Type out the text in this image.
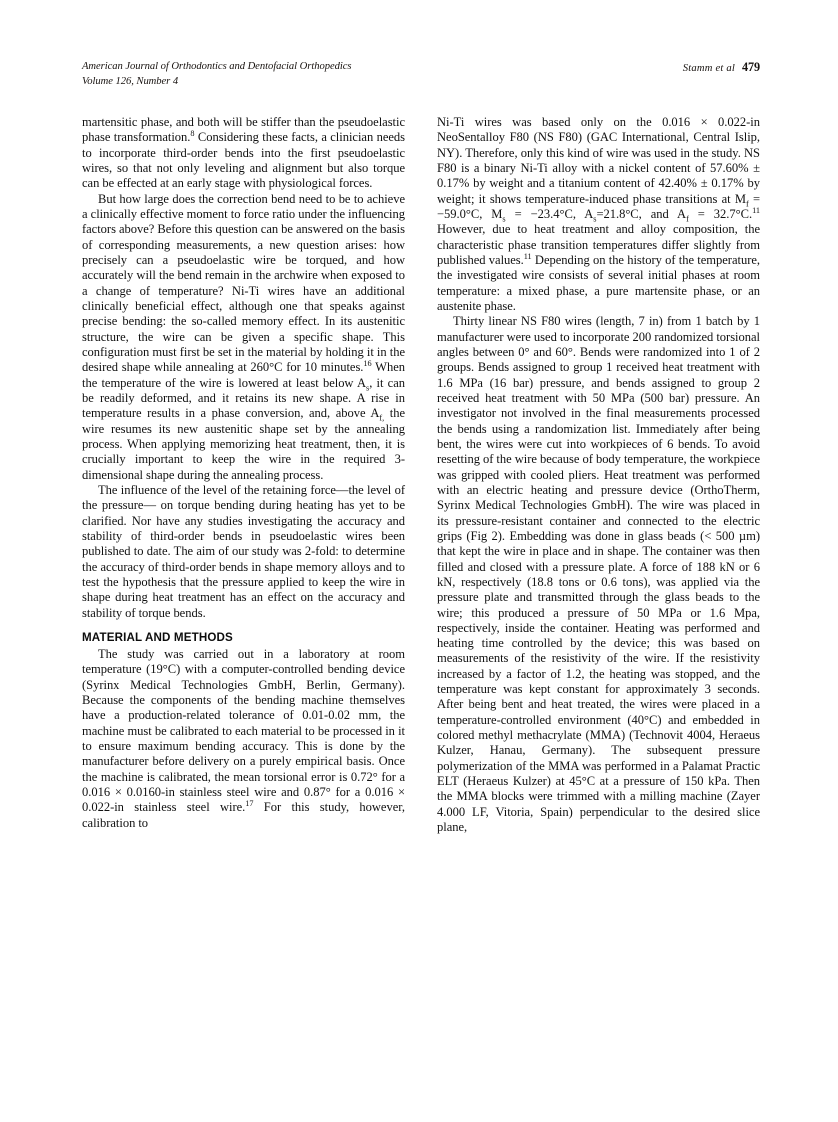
American Journal of Orthodontics and Dentofacial Orthopedics
Volume 126, Number 4
Stamm et al 479

martensitic phase, and both will be stiffer than the pseudoelastic phase transformation.$^8$ Considering these facts, a clinician needs to incorporate third-order bends into the first pseudoelastic wires, so that not only leveling and alignment but also torque can be effected at an early stage with physiological forces.

But how large does the correction bend need to be to achieve a clinically effective moment to force ratio under the influencing factors above? Before this question can be answered on the basis of corresponding measurements, a new question arises: how precisely can a pseudoelastic wire be torqued, and how accurately will the bend remain in the archwire when exposed to a change of temperature? Ni-Ti wires have an additional clinically beneficial effect, although one that speaks against precise bending: the so-called memory effect. In its austenitic structure, the wire can be given a specific shape. This configuration must first be set in the material by holding it in the desired shape while annealing at 260°C for 10 minutes.$^{16}$ When the temperature of the wire is lowered at least below $A_s$, it can be readily deformed, and it retains its new shape. A rise in temperature results in a phase conversion, and, above $A_{f,}$ the wire resumes its new austenitic shape set by the annealing process. When applying memorizing heat treatment, then, it is crucially important to keep the wire in the required 3-dimensional shape during the annealing process.

The influence of the level of the retaining force—the level of the pressure— on torque bending during heating has yet to be clarified. Nor have any studies investigating the accuracy and stability of third-order bends in pseudoelastic wires been published to date. The aim of our study was 2-fold: to determine the accuracy of third-order bends in shape memory alloys and to test the hypothesis that the pressure applied to keep the wire in shape during heat treatment has an effect on the accuracy and stability of torque bends.

MATERIAL AND METHODS

The study was carried out in a laboratory at room temperature (19°C) with a computer-controlled bending device (Syrinx Medical Technologies GmbH, Berlin, Germany). Because the components of the bending machine themselves have a production-related tolerance of 0.01-0.02 mm, the machine must be calibrated to each material to be processed in it to ensure maximum bending accuracy. This is done by the manufacturer before delivery on a purely empirical basis. Once the machine is calibrated, the mean torsional error is 0.72° for a 0.016 × 0.0160-in stainless steel wire and 0.87° for a 0.016 × 0.022-in stainless steel wire.$^{17}$ For this study, however, calibration to

Ni-Ti wires was based only on the 0.016 × 0.022-in NeoSentalloy F80 (NS F80) (GAC International, Central Islip, NY). Therefore, only this kind of wire was used in the study. NS F80 is a binary Ni-Ti alloy with a nickel content of 57.60% ± 0.17% by weight and a titanium content of 42.40% ± 0.17% by weight; it shows temperature-induced phase transitions at $M_f = -59.0^\circ C$, $M_s = -23.4^\circ C$, $A_s=21.8^\circ C$, and $A_f = 32.7^\circ C.^{11}$ However, due to heat treatment and alloy composition, the characteristic phase transition temperatures differ slightly from published values.$^{11}$ Depending on the history of the temperature, the investigated wire consists of several initial phases at room temperature: a mixed phase, a pure martensite phase, or an austenite phase.

Thirty linear NS F80 wires (length, 7 in) from 1 batch by 1 manufacturer were used to incorporate 200 randomized torsional angles between 0° and 60°. Bends were randomized into 1 of 2 groups. Bends assigned to group 1 received heat treatment with 1.6 MPa (16 bar) pressure, and bends assigned to group 2 received heat treatment with 50 MPa (500 bar) pressure. An investigator not involved in the final measurements processed the bends using a randomization list. Immediately after being bent, the wires were cut into workpieces of 6 bends. To avoid resetting of the wire because of body temperature, the workpiece was gripped with cooled pliers. Heat treatment was performed with an electric heating and pressure device (OrthoTherm, Syrinx Medical Technologies GmbH). The wire was placed in its pressure-resistant container and connected to the electric grips (Fig 2). Embedding was done in glass beads (< 500 µm) that kept the wire in place and in shape. The container was then filled and closed with a pressure plate. A force of 188 kN or 6 kN, respectively (18.8 tons or 0.6 tons), was applied via the pressure plate and transmitted through the glass beads to the wire; this produced a pressure of 50 MPa or 1.6 Mpa, respectively, inside the container. Heating was performed and heating time controlled by the device; this was based on measurements of the resistivity of the wire. If the resistivity increased by a factor of 1.2, the heating was stopped, and the temperature was kept constant for approximately 3 seconds. After being bent and heat treated, the wires were placed in a temperature-controlled environment (40°C) and embedded in colored methyl methacrylate (MMA) (Technovit 4004, Heraeus Kulzer, Hanau, Germany). The subsequent pressure polymerization of the MMA was performed in a Palamat Practic ELT (Heraeus Kulzer) at 45°C at a pressure of 150 kPa. Then the MMA blocks were trimmed with a milling machine (Zayer 4.000 LF, Vitoria, Spain) perpendicular to the desired slice plane,
